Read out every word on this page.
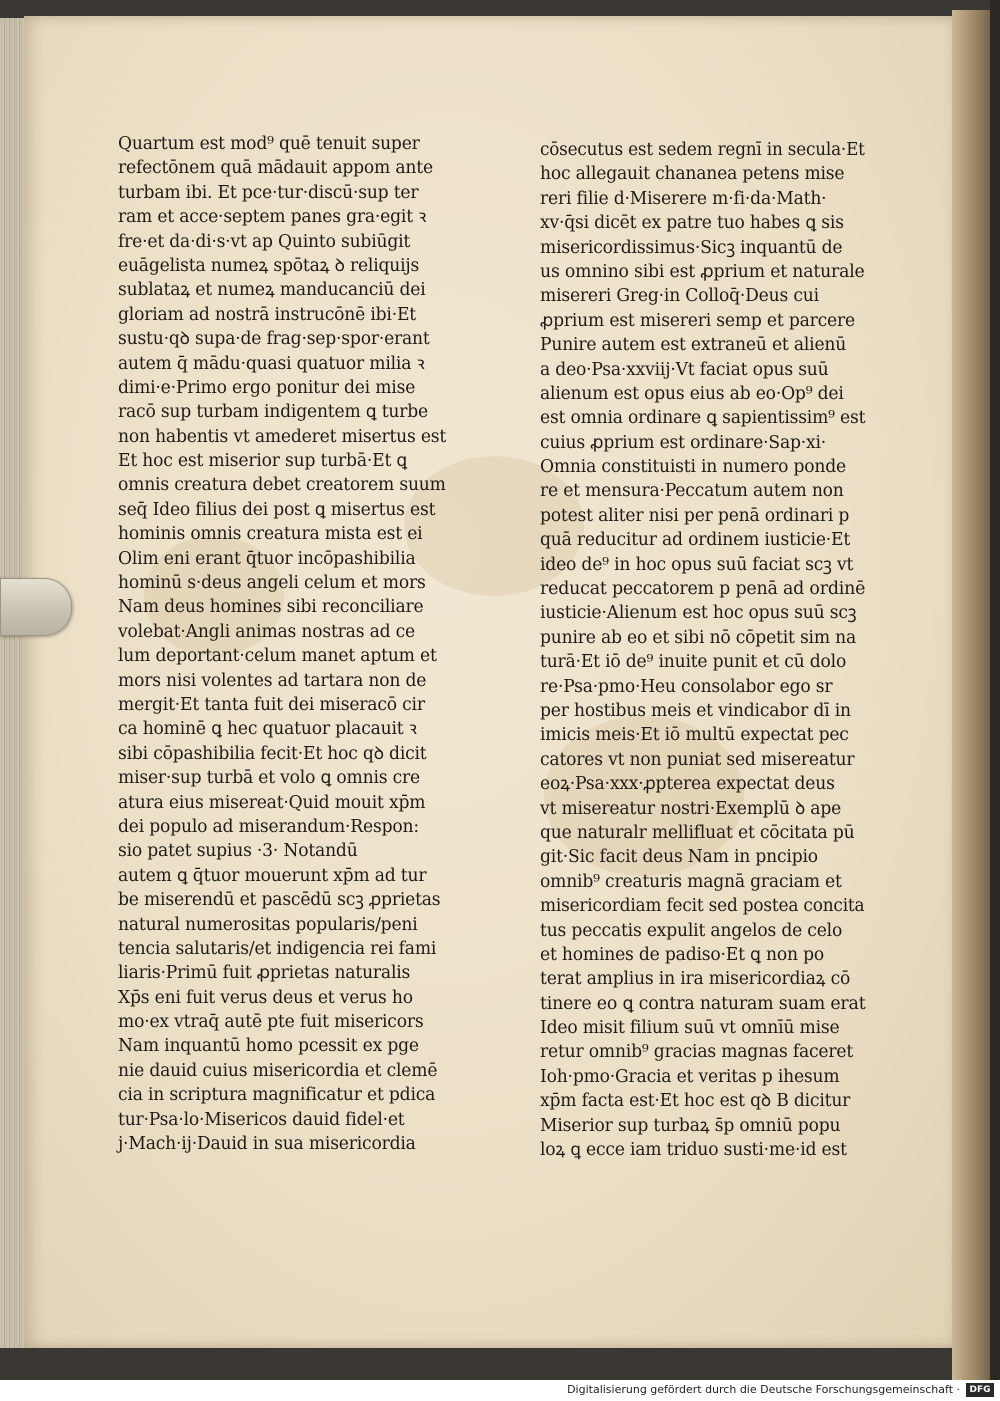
Quartum est mod⁹ quē tenuit super
refectōnem quā mādauit appom ante
turbam ibi. Et pce·tur·discū·sup ter
ram et acce·septem panes gra·egit ꝛ
fre·et da·di·s·vt ap Quinto subiūgit
euāgelista numeꝝ spōtaꝝ ꝺ reliquijs
sublataꝝ et numeꝝ manducanciū dei
gloriam ad nostrā instrucōnē ibi·Et
sustu·qꝺ supa·de frag·sep·spor·erant
autem q̄ mādu·quasi quatuor milia ꝛ
dimi·e·Primo ergo ponitur dei mise
racō sup turbam indigentem ꝗ turbe
non habentis vt amederet misertus est
Et hoc est miserior sup turbā·Et ꝗ
omnis creatura debet creatorem suum
seq̄ Ideo filius dei post ꝗ misertus est
hominis omnis creatura mista est ei
Olim eni erant q̄tuor incōpashibilia
hominū s·deus angeli celum et mors
Nam deus homines sibi reconciliare
volebat·Angli animas nostras ad ce
lum deportant·celum manet aptum et
mors nisi volentes ad tartara non de
mergit·Et tanta fuit dei miseracō cir
ca hominē ꝗ hec quatuor placauit ꝛ
sibi cōpashibilia fecit·Et hoc qꝺ dicit
miser·sup turbā et volo ꝗ omnis cre
atura eius misereat·Quid mouit xp̄m
dei populo ad miserandum·Respon:
sio patet supius ·3· Notandū
autem ꝗ q̄tuor mouerunt xp̄m ad tur
be miserendū et pascēdū scꝫ ꝓprietas
natural numerositas popularis/peni
tencia salutaris/et indigencia rei fami
liaris·Primū fuit ꝓprietas naturalis
Xp̄s eni fuit verus deus et verus ho
mo·ex vtraq̄ autē pte fuit misericors
Nam inquantū homo pcessit ex pge
nie dauid cuius misericordia et clemē
cia in scriptura magnificatur et pdica
tur·Psa·lo·Misericos dauid fidel·et
j·Mach·ij·Dauid in sua misericordia
cōsecutus est sedem regnī in secula·Et
hoc allegauit chananea petens mise
reri filie d·Miserere m·fi·da·Math·
xv·q̄si dicēt ex patre tuo habes ꝗ sis
misericordissimus·Sicꝫ inquantū de
us omnino sibi est ꝓprium et naturale
misereri Greg·in Colloq̄·Deus cui
ꝓprium est misereri semp et parcere
Punire autem est extraneū et alienū
a deo·Psa·xxviij·Vt faciat opus suū
alienum est opus eius ab eo·Op⁹ dei
est omnia ordinare ꝗ sapientissim⁹ est
cuius ꝓprium est ordinare·Sap·xi·
Omnia constituisti in numero ponde
re et mensura·Peccatum autem non
potest aliter nisi per penā ordinari p
quā reducitur ad ordinem iusticie·Et
ideo de⁹ in hoc opus suū faciat scꝫ vt
reducat peccatorem p penā ad ordinē
iusticie·Alienum est hoc opus suū scꝫ
punire ab eo et sibi nō cōpetit sim na
turā·Et iō de⁹ inuite punit et cū dolo
re·Psa·pmo·Heu consolabor ego sr
per hostibus meis et vindicabor dī in
imicis meis·Et iō multū expectat pec
catores vt non puniat sed misereatur
eoꝝ·Psa·xxx·ꝓpterea expectat deus
vt misereatur nostri·Exemplū ꝺ ape
que naturalr mellifluat et cōcitata pū
git·Sic facit deus Nam in pncipio
omnib⁹ creaturis magnā graciam et
misericordiam fecit sed postea concita
tus peccatis expulit angelos de celo
et homines de padiso·Et ꝗ non po
terat amplius in ira misericordiaꝝ cō
tinere eo ꝗ contra naturam suam erat
Ideo misit filium suū vt omnīū mise
retur omnib⁹ gracias magnas faceret
Ioh·pmo·Gracia et veritas p ihesum
xp̄m facta est·Et hoc est qꝺ B dicitur
Miserior sup turbaꝝ s̄p omniū popu
loꝝ ꝗ ecce iam triduo susti·me·id est
Digitalisierung gefördert durch die Deutsche Forschungsgemeinschaft ·	DFG
